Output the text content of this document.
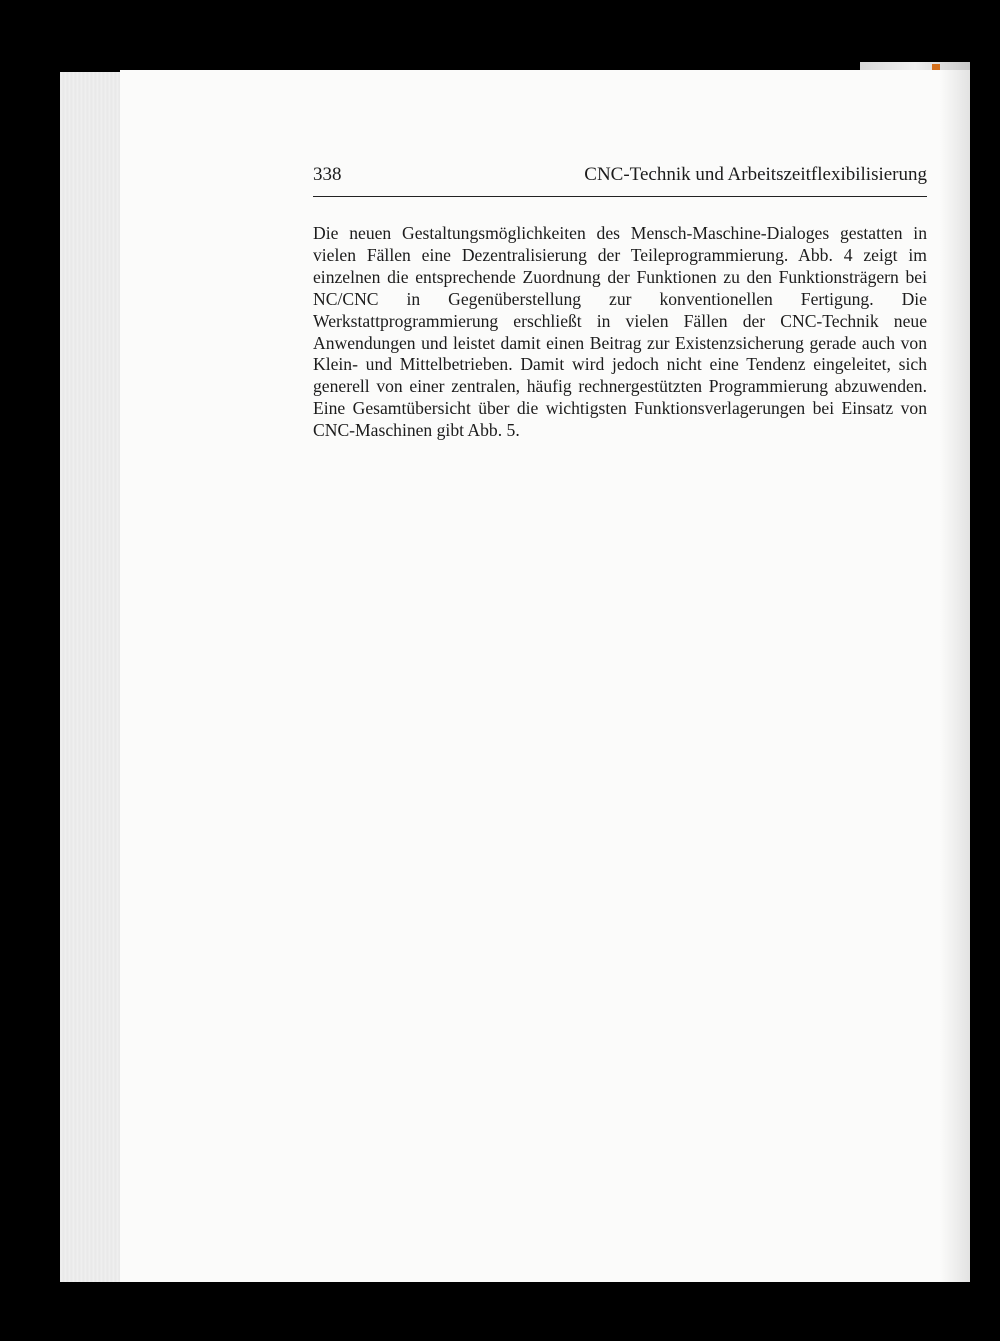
338	CNC-Technik und Arbeitszeitflexibilisierung

Die neuen Gestaltungsmöglichkeiten des Mensch-Maschine-Dialoges gestatten in vielen Fällen eine Dezentralisierung der Teileprogrammierung. Abb. 4 zeigt im einzelnen die entsprechende Zuordnung der Funktionen zu den Funktionsträgern bei NC/CNC in Gegenüberstellung zur konventionellen Fertigung. Die Werkstattprogrammierung erschließt in vielen Fällen der CNC-Technik neue Anwendungen und leistet damit einen Beitrag zur Existenzsicherung gerade auch von Klein- und Mittelbetrieben. Damit wird jedoch nicht eine Tendenz eingeleitet, sich generell von einer zentralen, häufig rechnergestützten Programmierung abzuwenden. Eine Gesamtübersicht über die wichtigsten Funktionsverlagerungen bei Einsatz von CNC-Maschinen gibt Abb. 5.
